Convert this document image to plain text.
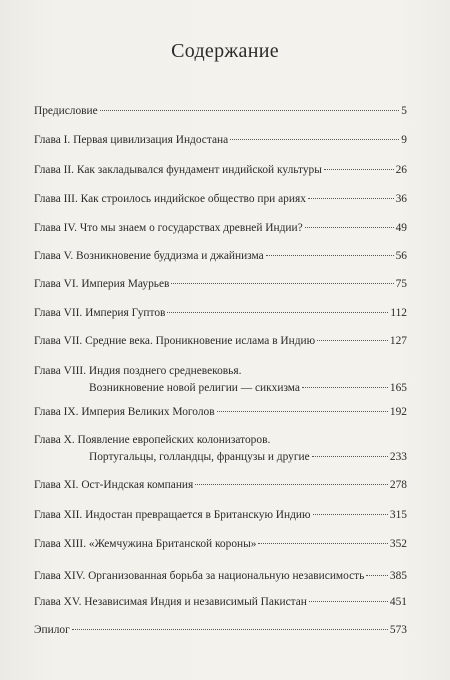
Содержание
Предисловие	5
Глава I. Первая цивилизация Индостана	9
Глава II. Как закладывался фундамент индийской культуры	26
Глава III. Как строилось индийское общество при ариях	36
Глава IV. Что мы знаем о государствах древней Индии?	49
Глава V. Возникновение буддизма и джайнизма	56
Глава VI. Империя Маурьев	75
Глава VII. Империя Гуптов	112
Глава VII. Средние века. Проникновение ислама в Индию	127
Глава VIII. Индия позднего средневековья.
Возникновение новой религии — сикхизма	165
Глава IX. Империя Великих Моголов	192
Глава X. Появление европейских колонизаторов.
Португальцы, голландцы, французы и другие	233
Глава XI. Ост-Индская компания	278
Глава XII. Индостан превращается в Британскую Индию	315
Глава XIII. «Жемчужина Британской короны»	352
Глава XIV. Организованная борьба за национальную независимость 385
Глава XV. Независимая Индия и независимый Пакистан	451
Эпилог	573
